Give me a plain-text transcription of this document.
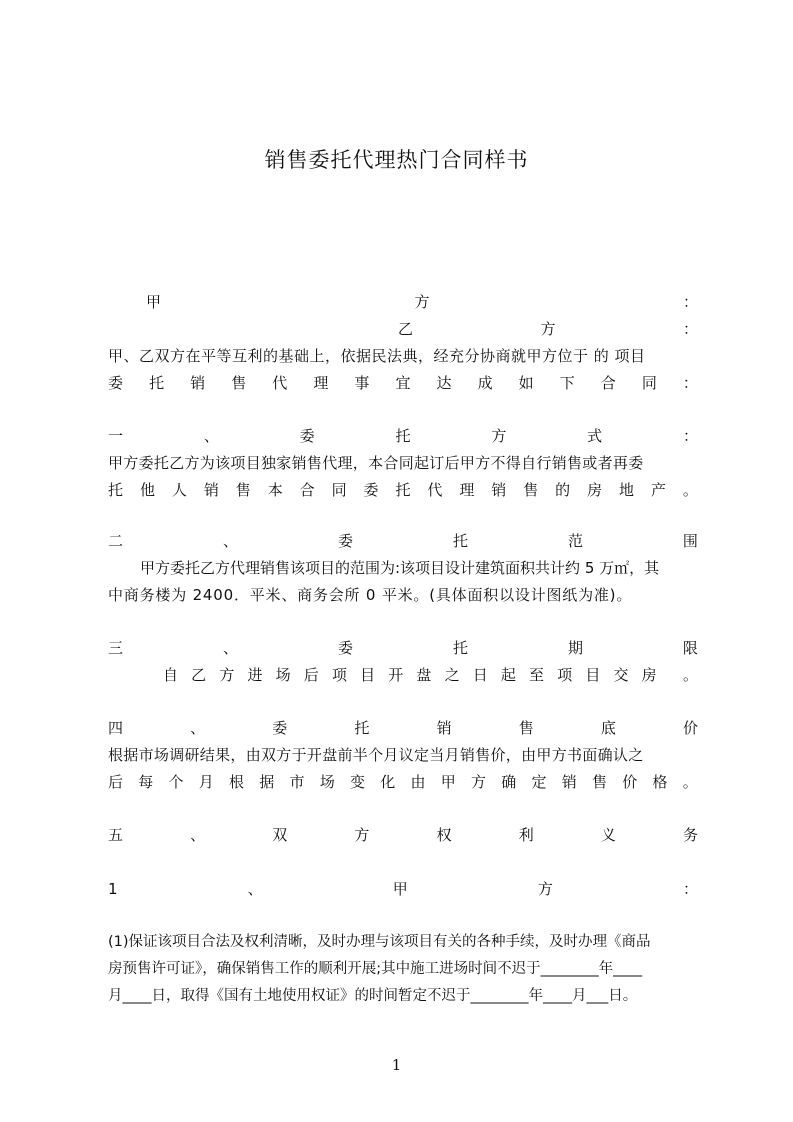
销售委托代理热门合同样书
甲	方	：
乙	方	：
甲、乙双方在平等互利的基础上，依据民法典，经充分协商就甲方位于 的 项目
委 托 销 售 代 理 事 宜 达 成 如 下 合 同 ：
一	、	委	托	方	式	：
甲方委托乙方为该项目独家销售代理，本合同起订后甲方不得自行销售或者再委
托 他 人 销 售 本 合 同 委 托 代 理 销 售 的 房 地 产 。
二	、	委	托	范	围
甲方委托乙方代理销售该项目的范围为:该项目设计建筑面积共计约 5 万㎡，其
中商务楼为 2400．平米、商务会所 0 平米。(具体面积以设计图纸为准)。
三	、	委	托	期	限
自 乙 方 进 场 后 项 目 开 盘 之 日 起 至 项 目 交 房 。
四	、	委	托	销	售	底	价
根据市场调研结果，由双方于开盘前半个月议定当月销售价，由甲方书面确认之
后 每 个 月 根 据 市 场 变 化 由 甲 方 确 定 销 售 价 格 。
五	、	双	方	权	利	义	务
1	、	甲	方	：
(1)保证该项目合法及权利清晰，及时办理与该项目有关的各种手续，及时办理《商品
房预售许可证》，确保销售工作的顺利开展;其中施工进场时间不迟于________年____
月____日，取得《国有土地使用权证》的时间暂定不迟于________年____月___日。
1
